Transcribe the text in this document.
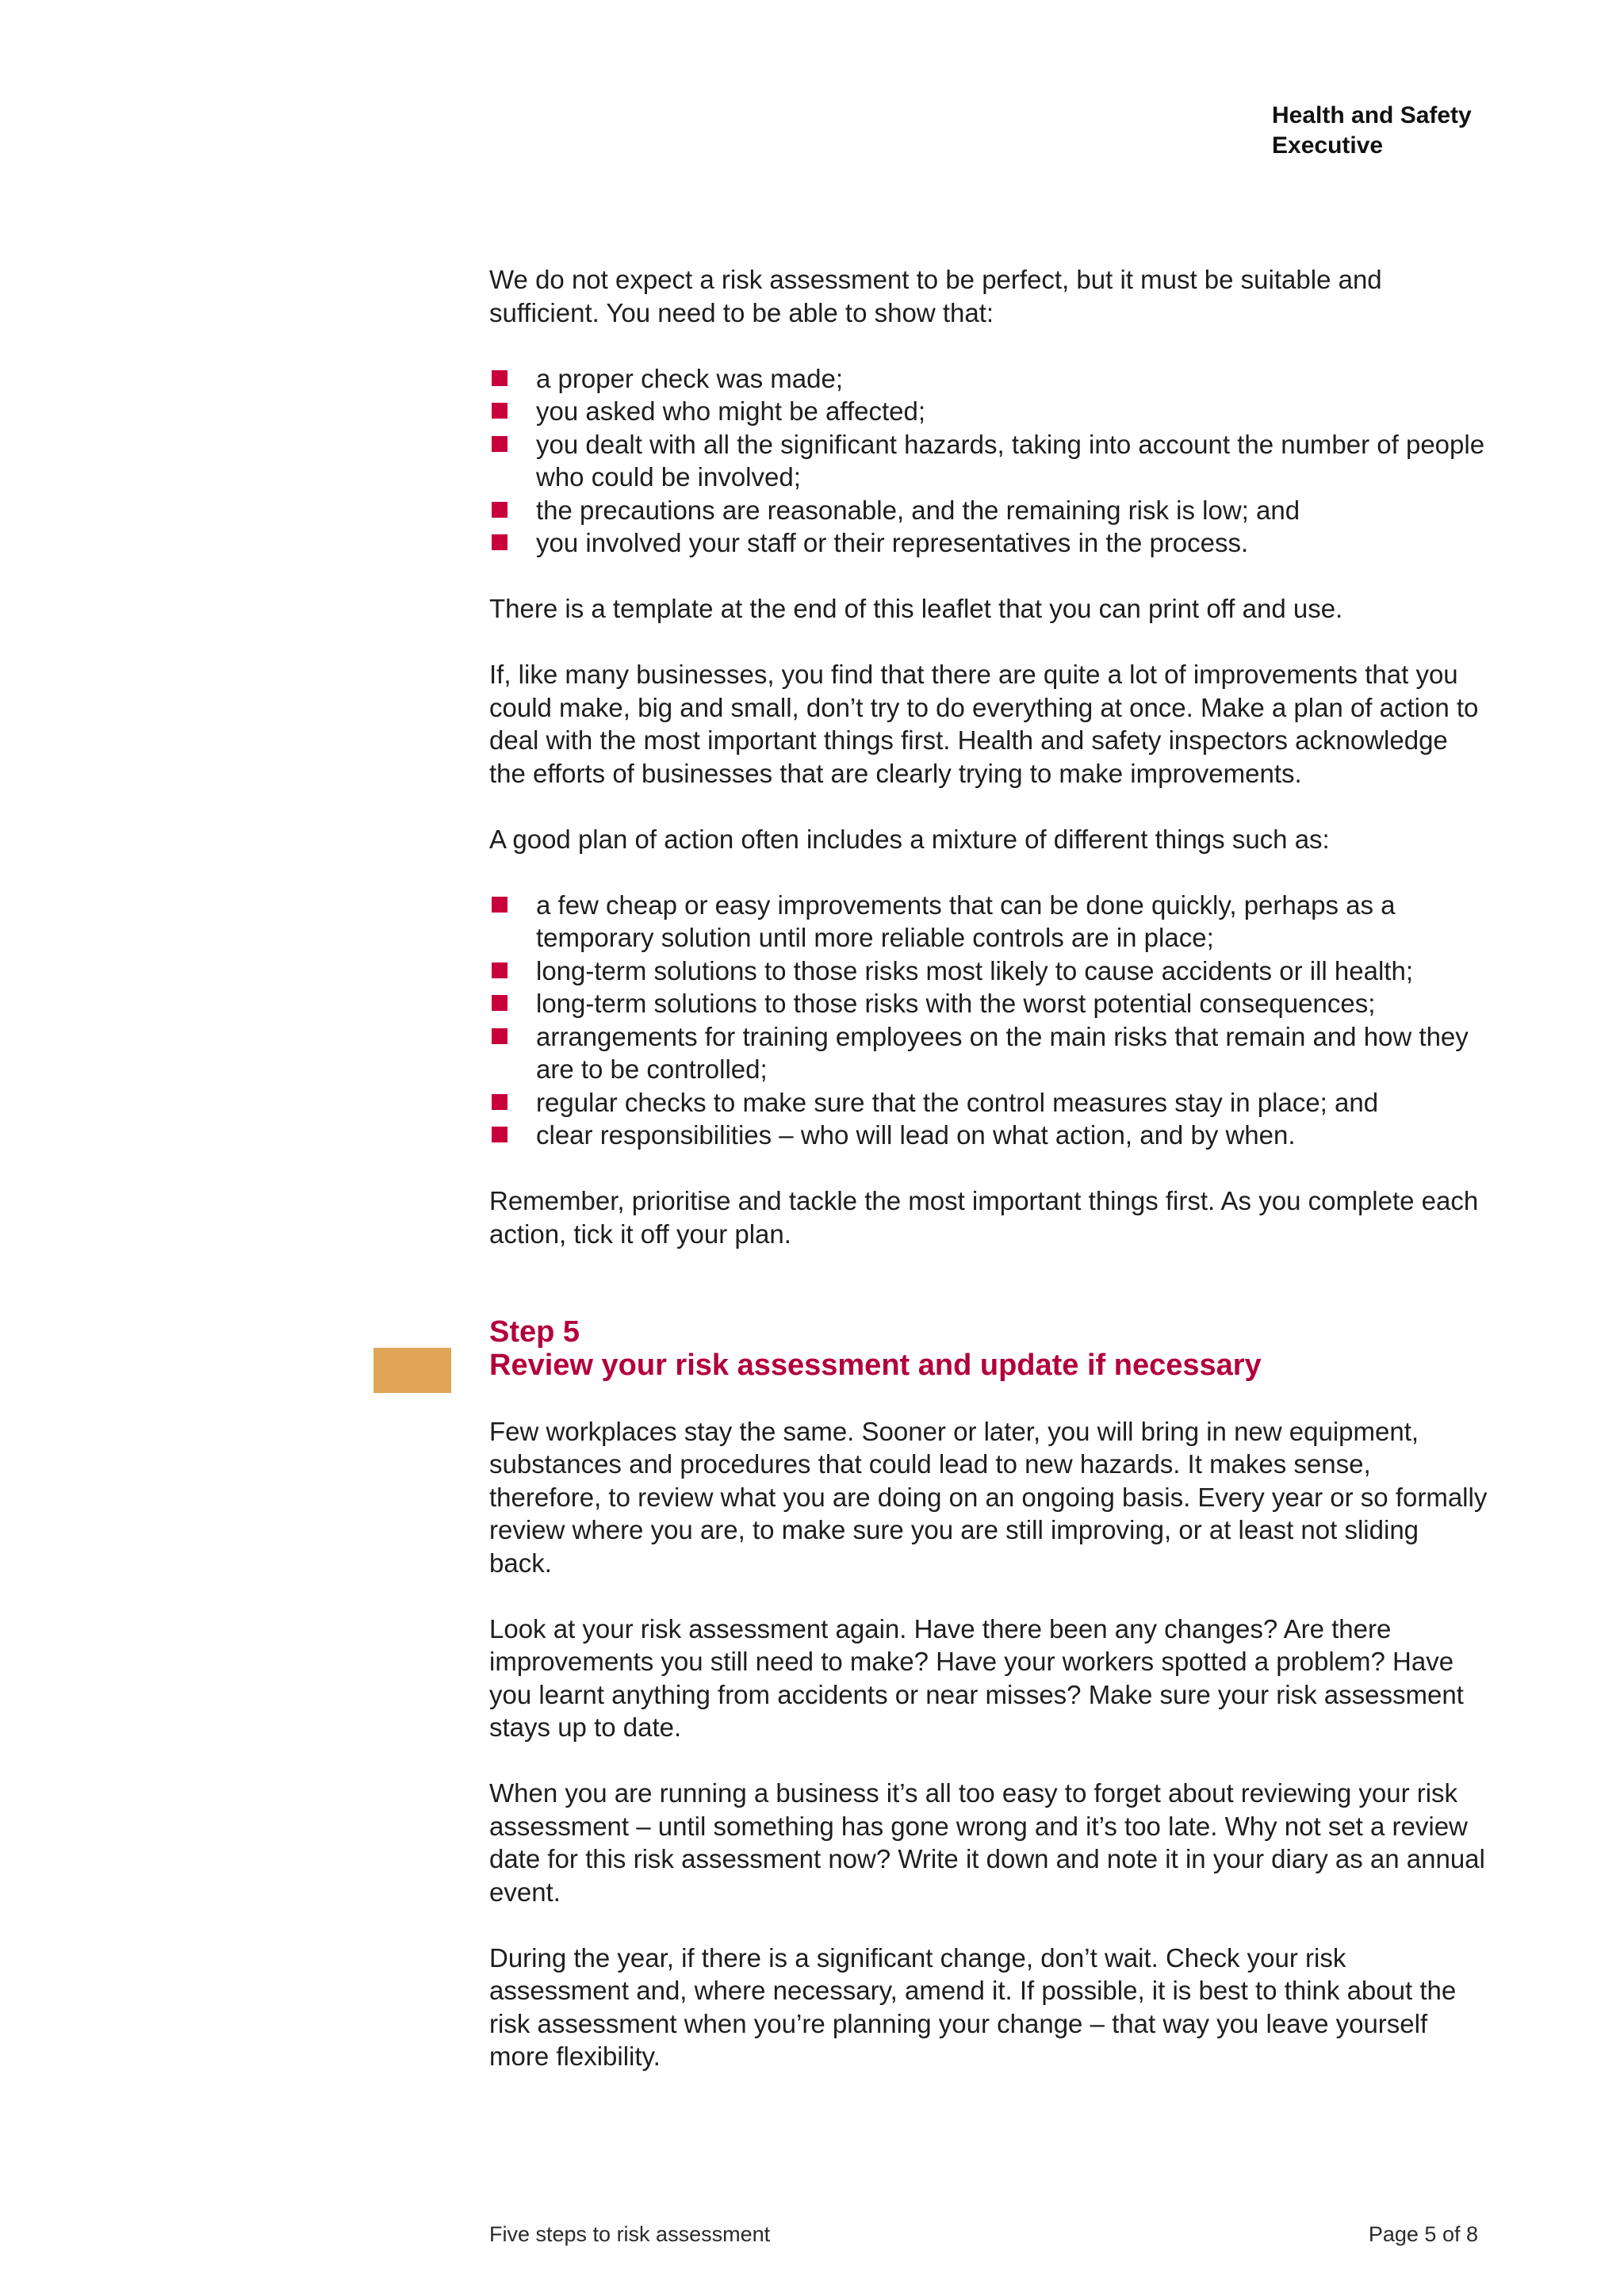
Health and Safety
Executive

We do not expect a risk assessment to be perfect, but it must be suitable and sufficient. You need to be able to show that:

a proper check was made;
you asked who might be affected;
you dealt with all the significant hazards, taking into account the number of people who could be involved;
the precautions are reasonable, and the remaining risk is low; and
you involved your staff or their representatives in the process.

There is a template at the end of this leaflet that you can print off and use.

If, like many businesses, you find that there are quite a lot of improvements that you could make, big and small, don’t try to do everything at once. Make a plan of action to deal with the most important things first. Health and safety inspectors acknowledge the efforts of businesses that are clearly trying to make improvements.

A good plan of action often includes a mixture of different things such as:

a few cheap or easy improvements that can be done quickly, perhaps as a temporary solution until more reliable controls are in place;
long-term solutions to those risks most likely to cause accidents or ill health;
long-term solutions to those risks with the worst potential consequences;
arrangements for training employees on the main risks that remain and how they are to be controlled;
regular checks to make sure that the control measures stay in place; and
clear responsibilities – who will lead on what action, and by when.

Remember, prioritise and tackle the most important things first. As you complete each action, tick it off your plan.

Step 5
Review your risk assessment and update if necessary

Few workplaces stay the same. Sooner or later, you will bring in new equipment, substances and procedures that could lead to new hazards. It makes sense, therefore, to review what you are doing on an ongoing basis. Every year or so formally review where you are, to make sure you are still improving, or at least not sliding back.

Look at your risk assessment again. Have there been any changes? Are there improvements you still need to make? Have your workers spotted a problem? Have you learnt anything from accidents or near misses? Make sure your risk assessment stays up to date.

When you are running a business it’s all too easy to forget about reviewing your risk assessment – until something has gone wrong and it’s too late. Why not set a review date for this risk assessment now? Write it down and note it in your diary as an annual event.

During the year, if there is a significant change, don’t wait. Check your risk assessment and, where necessary, amend it. If possible, it is best to think about the risk assessment when you’re planning your change – that way you leave yourself more flexibility.

Five steps to risk assessment	Page 5 of 8
